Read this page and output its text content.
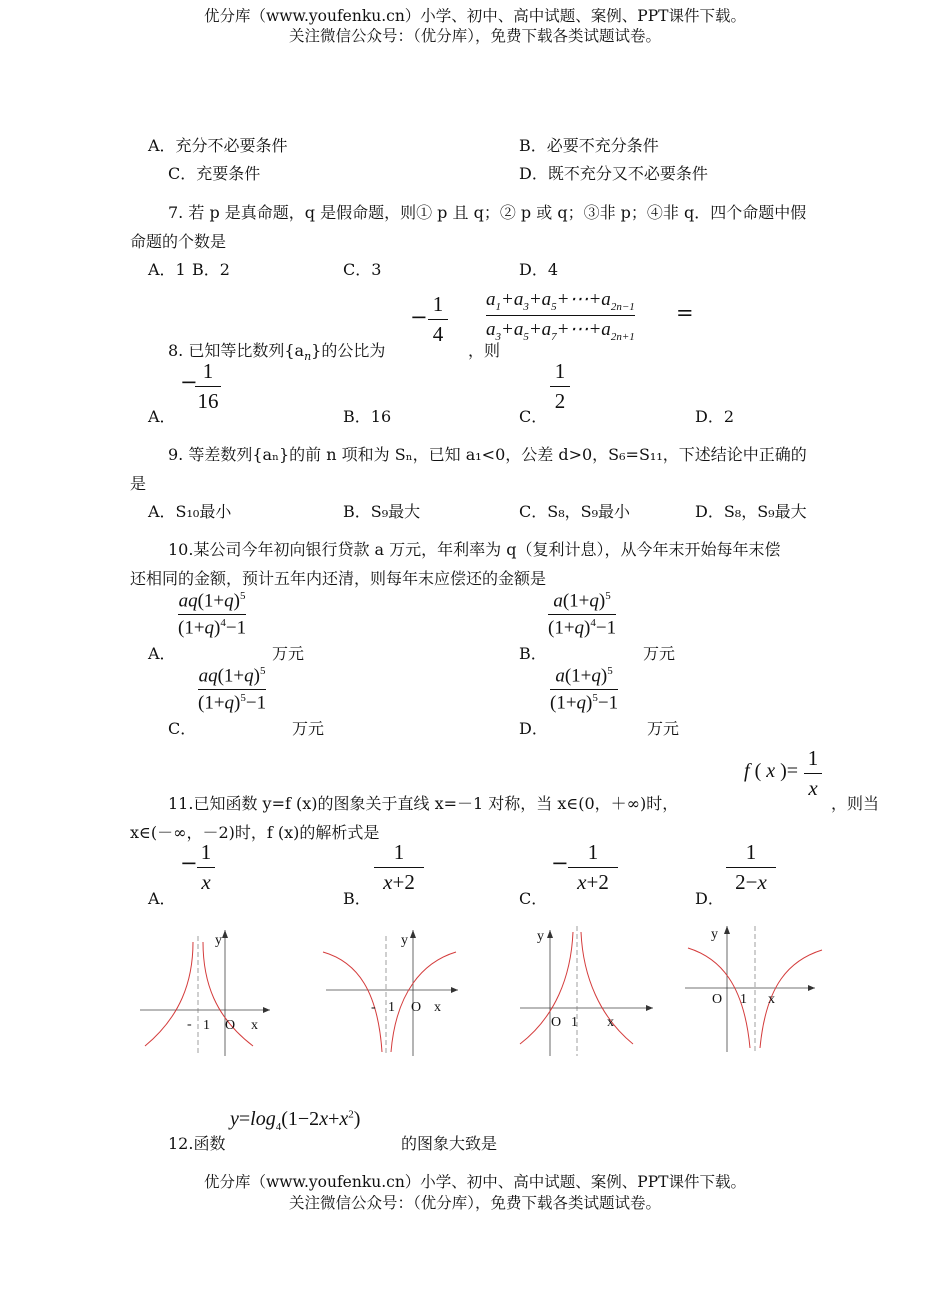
优分库（www.youfenku.cn）小学、初中、高中试题、案例、PPT课件下载。
关注微信公众号：（优分库），免费下载各类试题试卷。
A．充分不必要条件	B．必要不充分条件
C．充要条件	D．既不充分又不必要条件
7. 若 p 是真命题，q 是假命题，则① p 且 q；② p 或 q；③非 p；④非 q．四个命题中假
命题的个数是
A．1 B．2	C．3	D．4
8. 已知等比数列$\{a_n\}$的公比为
−
1
4
，则
$a_1+a_3+a_5+\cdots+a_{2n-1}$
$a_3+a_5+a_7+\cdots+a_{2n+1}$
=
A．
− 1
16
B．16	C．
1
2
D．2
9. 等差数列{aₙ}的前 n 项和为 Sₙ，已知 a₁<0，公差 d>0，S₆=S₁₁，下述结论中正确的
是
A．S₁₀最小	B．S₉最大	C．S₈，S₉最小	D．S₈，S₉最大
10.某公司今年初向银行贷款 a 万元，年利率为 q（复利计息），从今年末开始每年末偿
还相同的金额，预计五年内还清，则每年末应偿还的金额是
A．
$aq(1+q)^5$
$(1+q)^4-1$
万元	B．
$a(1+q)^5$
$(1+q)^4-1$
万元
C．
$aq(1+q)^5$
$(1+q)^5-1$
万元	D．
$a(1+q)^5$
$(1+q)^5-1$
万元
f ( x )=
1
x
11.已知函数 y=f (x)的图象关于直线 x=－1 对称，当 x∈(0，＋∞)时，	，则当
x∈(－∞，－2)时，f (x)的解析式是
A．
− 1
x
B．
1
x+2
C．
− 1
x+2
D．
1
2−x
y
- 1 O x
y
- 1 O x
y
O 1 x
y
O 1 x
12.函数
$y=\log_4(1-2x+x^2)$
的图象大致是
优分库（www.youfenku.cn）小学、初中、高中试题、案例、PPT课件下载。
关注微信公众号：（优分库），免费下载各类试题试卷。
